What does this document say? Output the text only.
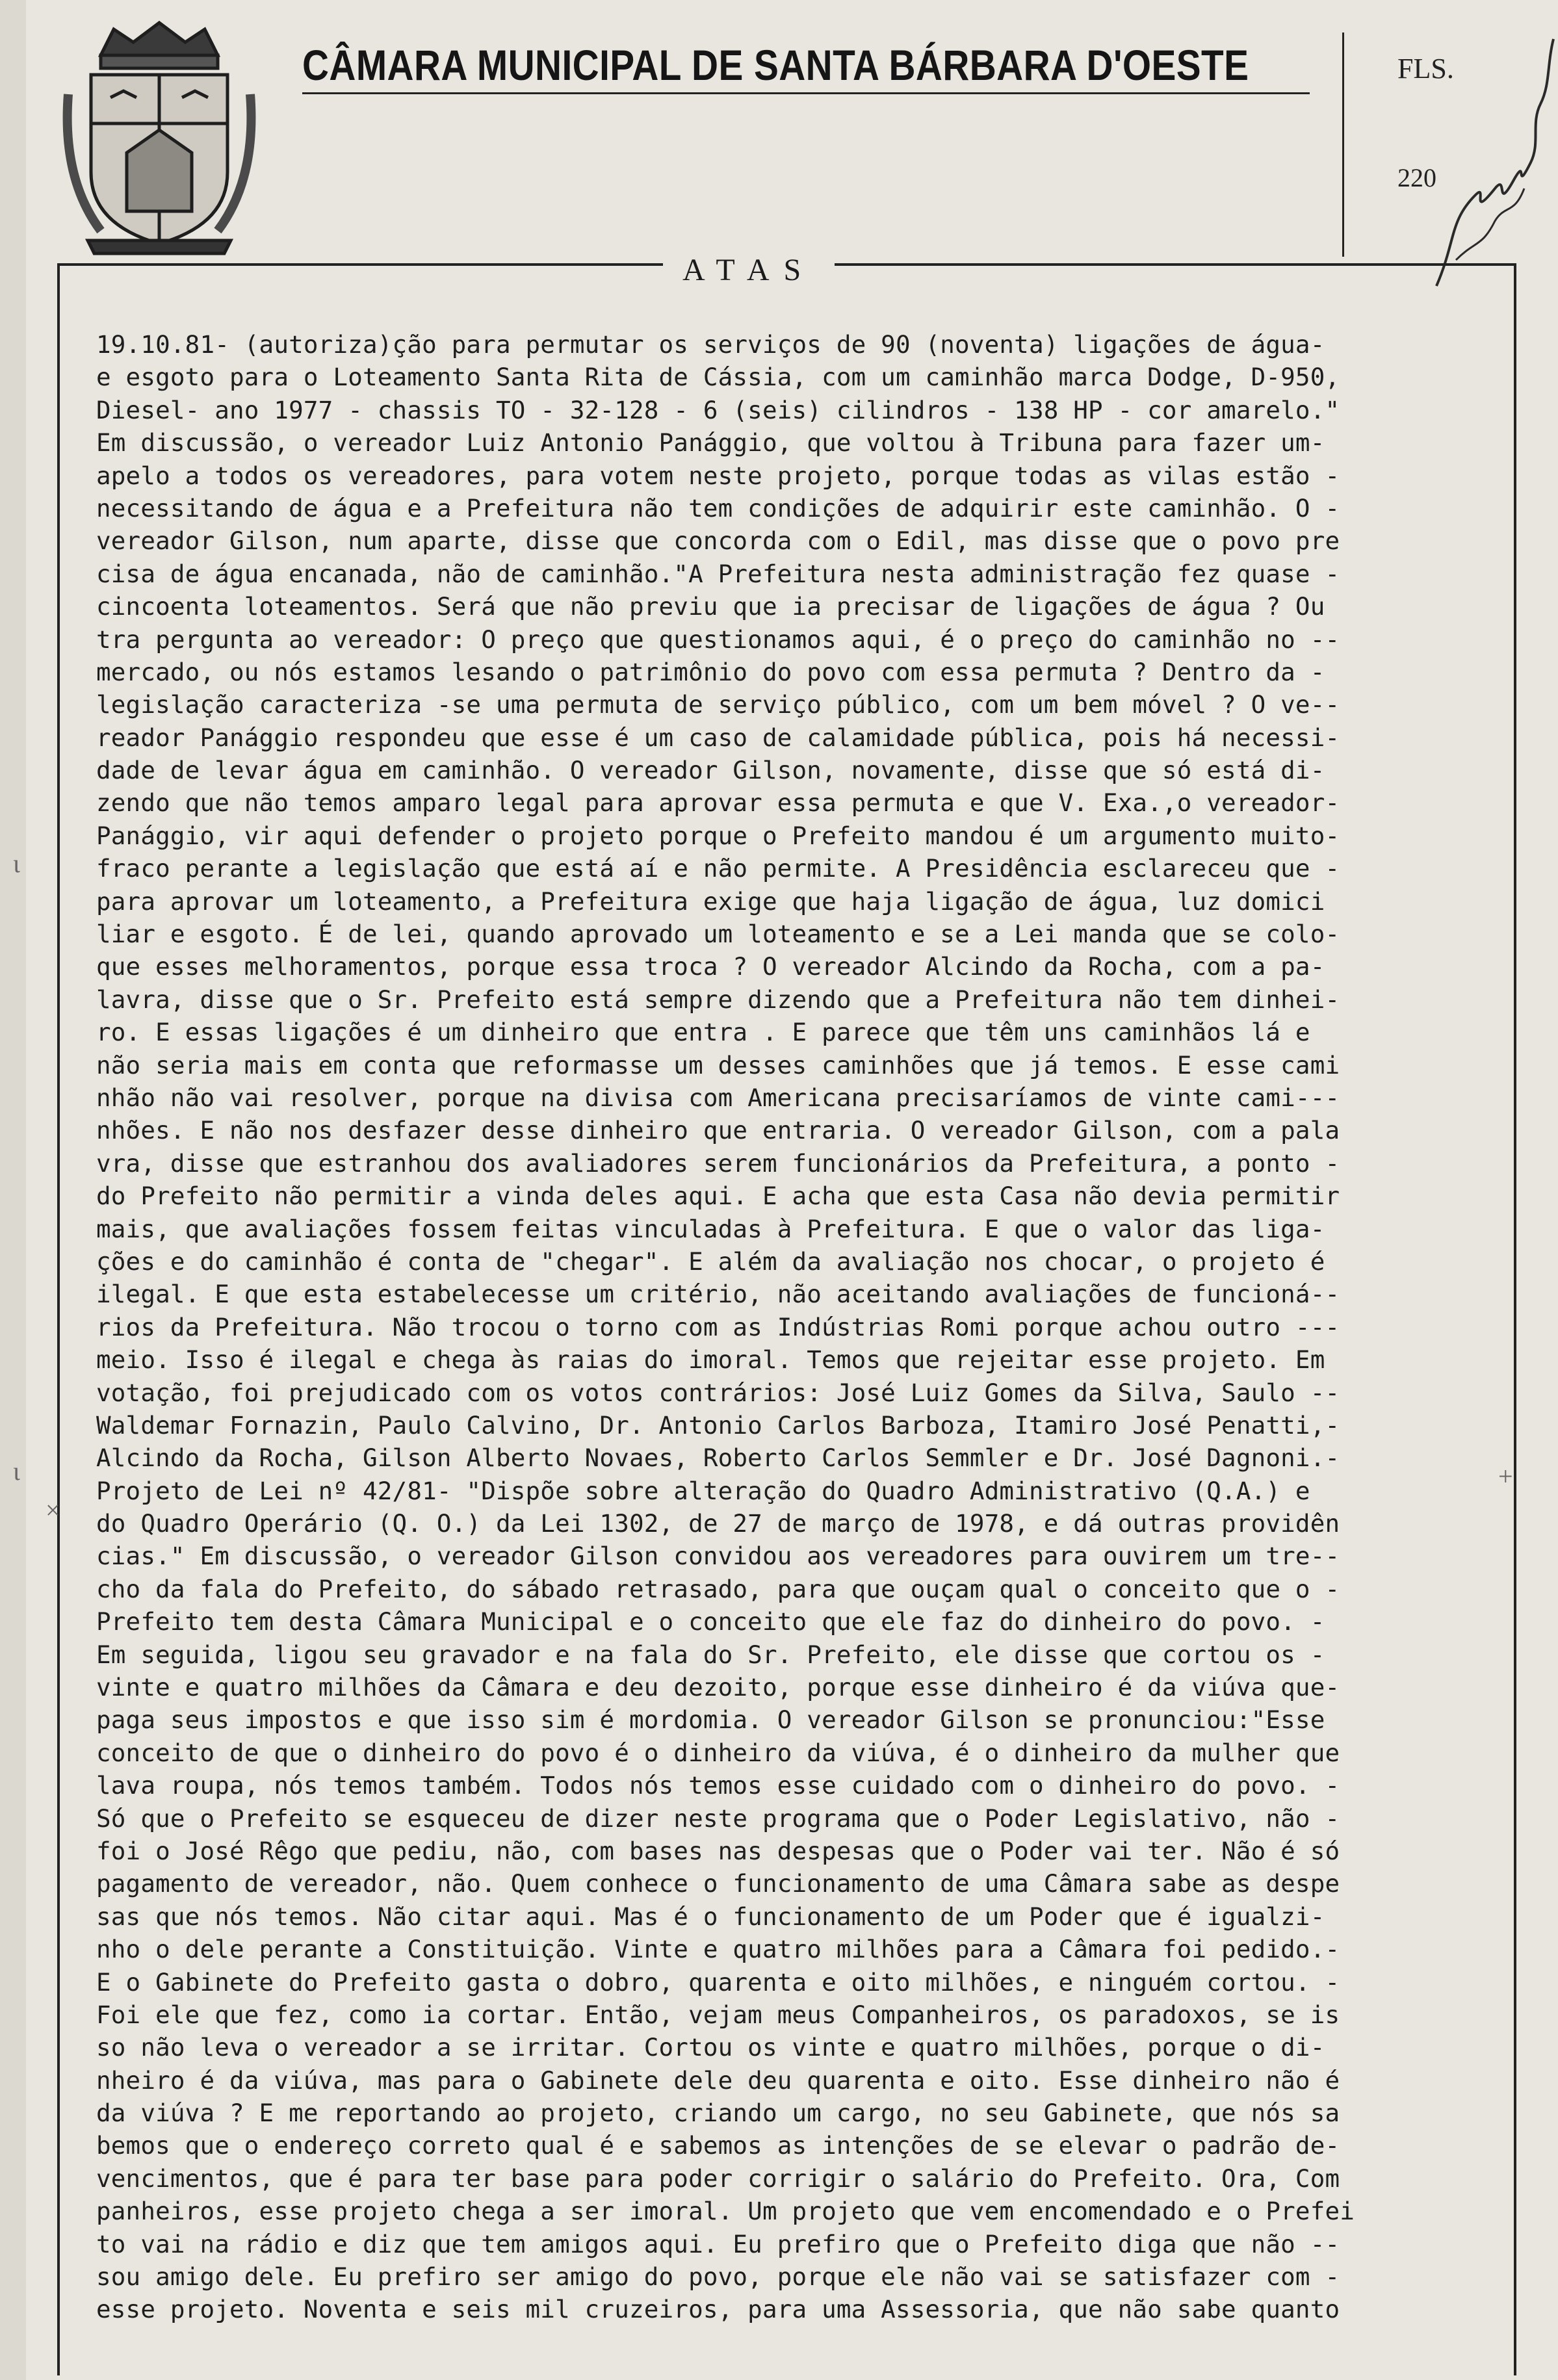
CÂMARA MUNICIPAL DE SANTA BÁRBARA D'OESTE	FLS.
220
ATAS
19.10.81- (autoriza)ção para permutar os serviços de 90 (noventa) ligações de água-
e esgoto para o Loteamento Santa Rita de Cássia, com um caminhão marca Dodge, D-950,
Diesel- ano 1977 - chassis TO - 32-128 - 6 (seis) cilindros - 138 HP - cor amarelo."
Em discussão, o vereador Luiz Antonio Panággio, que voltou à Tribuna para fazer um-
apelo a todos os vereadores, para votem neste projeto, porque todas as vilas estão -
necessitando de água e a Prefeitura não tem condições de adquirir este caminhão. O -
vereador Gilson, num aparte, disse que concorda com o Edil, mas disse que o povo pre
cisa de água encanada, não de caminhão."A Prefeitura nesta administração fez quase -
cincoenta loteamentos. Será que não previu que ia precisar de ligações de água ? Ou
tra pergunta ao vereador: O preço que questionamos aqui, é o preço do caminhão no --
mercado, ou nós estamos lesando o patrimônio do povo com essa permuta ? Dentro da -
legislação caracteriza -se uma permuta de serviço público, com um bem móvel ? O ve--
reador Panággio respondeu que esse é um caso de calamidade pública, pois há necessi-
dade de levar água em caminhão. O vereador Gilson, novamente, disse que só está di-
zendo que não temos amparo legal para aprovar essa permuta e que V. Exa.,o vereador-
Panággio, vir aqui defender o projeto porque o Prefeito mandou é um argumento muito-
fraco perante a legislação que está aí e não permite. A Presidência esclareceu que -
para aprovar um loteamento, a Prefeitura exige que haja ligação de água, luz domici
liar e esgoto. É de lei, quando aprovado um loteamento e se a Lei manda que se colo-
que esses melhoramentos, porque essa troca ? O vereador Alcindo da Rocha, com a pa-
lavra, disse que o Sr. Prefeito está sempre dizendo que a Prefeitura não tem dinhei-
ro. E essas ligações é um dinheiro que entra . E parece que têm uns caminhãos lá e
não seria mais em conta que reformasse um desses caminhões que já temos. E esse cami
nhão não vai resolver, porque na divisa com Americana precisaríamos de vinte cami---
nhões. E não nos desfazer desse dinheiro que entraria. O vereador Gilson, com a pala
vra, disse que estranhou dos avaliadores serem funcionários da Prefeitura, a ponto -
do Prefeito não permitir a vinda deles aqui. E acha que esta Casa não devia permitir
mais, que avaliações fossem feitas vinculadas à Prefeitura. E que o valor das liga-
ções e do caminhão é conta de "chegar". E além da avaliação nos chocar, o projeto é
ilegal. E que esta estabelecesse um critério, não aceitando avaliações de funcioná--
rios da Prefeitura. Não trocou o torno com as Indústrias Romi porque achou outro ---
meio. Isso é ilegal e chega às raias do imoral. Temos que rejeitar esse projeto. Em
votação, foi prejudicado com os votos contrários: José Luiz Gomes da Silva, Saulo --
Waldemar Fornazin, Paulo Calvino, Dr. Antonio Carlos Barboza, Itamiro José Penatti,-
Alcindo da Rocha, Gilson Alberto Novaes, Roberto Carlos Semmler e Dr. José Dagnoni.-
Projeto de Lei nº 42/81- "Dispõe sobre alteração do Quadro Administrativo (Q.A.) e
do Quadro Operário (Q. O.) da Lei 1302, de 27 de março de 1978, e dá outras providên
cias." Em discussão, o vereador Gilson convidou aos vereadores para ouvirem um tre--
cho da fala do Prefeito, do sábado retrasado, para que ouçam qual o conceito que o -
Prefeito tem desta Câmara Municipal e o conceito que ele faz do dinheiro do povo. -
Em seguida, ligou seu gravador e na fala do Sr. Prefeito, ele disse que cortou os -
vinte e quatro milhões da Câmara e deu dezoito, porque esse dinheiro é da viúva que-
paga seus impostos e que isso sim é mordomia. O vereador Gilson se pronunciou:"Esse
conceito de que o dinheiro do povo é o dinheiro da viúva, é o dinheiro da mulher que
lava roupa, nós temos também. Todos nós temos esse cuidado com o dinheiro do povo. -
Só que o Prefeito se esqueceu de dizer neste programa que o Poder Legislativo, não -
foi o José Rêgo que pediu, não, com bases nas despesas que o Poder vai ter. Não é só
pagamento de vereador, não. Quem conhece o funcionamento de uma Câmara sabe as despe
sas que nós temos. Não citar aqui. Mas é o funcionamento de um Poder que é igualzi-
nho o dele perante a Constituição. Vinte e quatro milhões para a Câmara foi pedido.-
E o Gabinete do Prefeito gasta o dobro, quarenta e oito milhões, e ninguém cortou. -
Foi ele que fez, como ia cortar. Então, vejam meus Companheiros, os paradoxos, se is
so não leva o vereador a se irritar. Cortou os vinte e quatro milhões, porque o di-
nheiro é da viúva, mas para o Gabinete dele deu quarenta e oito. Esse dinheiro não é
da viúva ? E me reportando ao projeto, criando um cargo, no seu Gabinete, que nós sa
bemos que o endereço correto qual é e sabemos as intenções de se elevar o padrão de-
vencimentos, que é para ter base para poder corrigir o salário do Prefeito. Ora, Com
panheiros, esse projeto chega a ser imoral. Um projeto que vem encomendado e o Prefei
to vai na rádio e diz que tem amigos aqui. Eu prefiro que o Prefeito diga que não --
sou amigo dele. Eu prefiro ser amigo do povo, porque ele não vai se satisfazer com -
esse projeto. Noventa e seis mil cruzeiros, para uma Assessoria, que não sabe quanto
ɩ
ɩ
×
+
